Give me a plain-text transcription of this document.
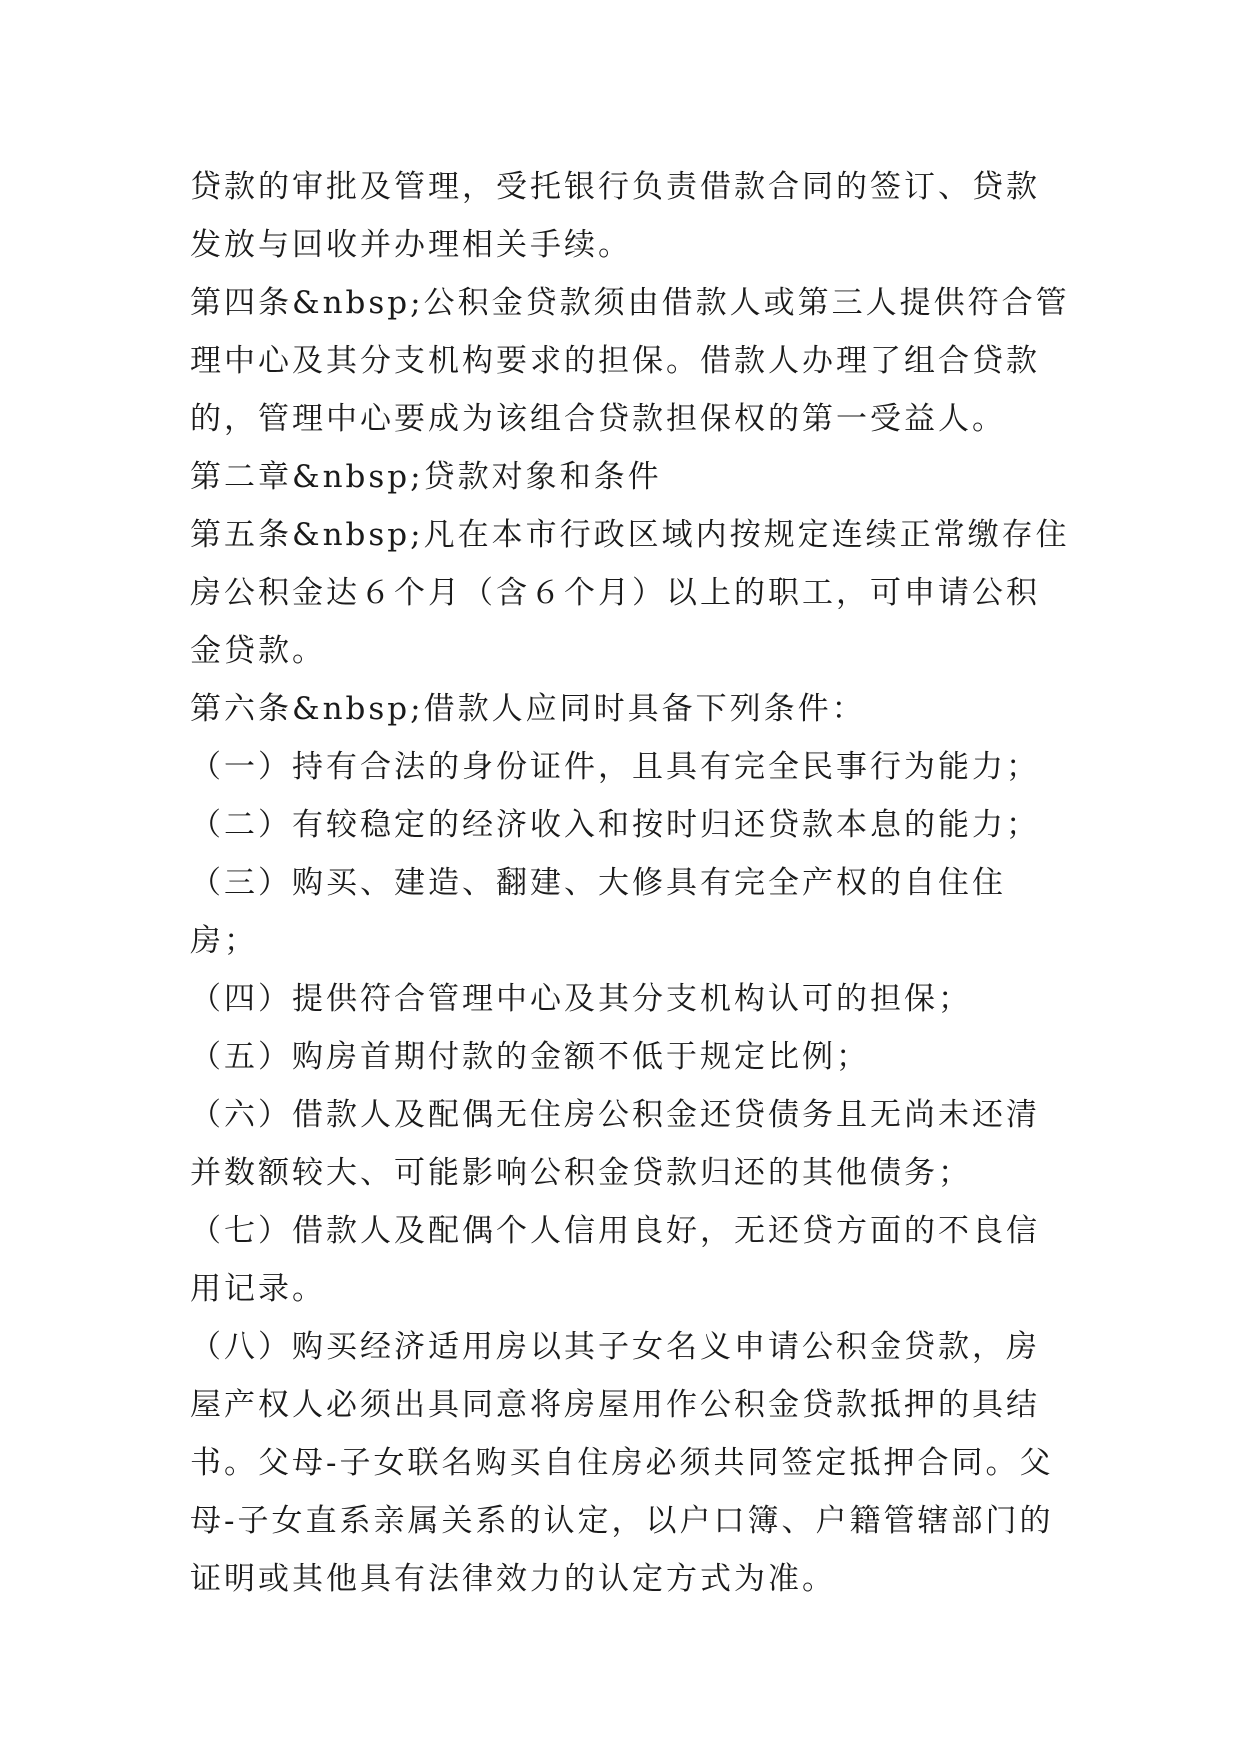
贷款的审批及管理，受托银行负责借款合同的签订、贷款发放与回收并办理相关手续。

第四条&nbsp;公积金贷款须由借款人或第三人提供符合管理中心及其分支机构要求的担保。借款人办理了组合贷款的，管理中心要成为该组合贷款担保权的第一受益人。

第二章&nbsp;贷款对象和条件

第五条&nbsp;凡在本市行政区域内按规定连续正常缴存住房公积金达６个月（含６个月）以上的职工，可申请公积金贷款。

第六条&nbsp;借款人应同时具备下列条件：

（一）持有合法的身份证件，且具有完全民事行为能力；

（二）有较稳定的经济收入和按时归还贷款本息的能力；

（三）购买、建造、翻建、大修具有完全产权的自住住房；

（四）提供符合管理中心及其分支机构认可的担保；

（五）购房首期付款的金额不低于规定比例；

（六）借款人及配偶无住房公积金还贷债务且无尚未还清并数额较大、可能影响公积金贷款归还的其他债务；

（七）借款人及配偶个人信用良好，无还贷方面的不良信用记录。

（八）购买经济适用房以其子女名义申请公积金贷款，房屋产权人必须出具同意将房屋用作公积金贷款抵押的具结书。父母-子女联名购买自住房必须共同签定抵押合同。父母-子女直系亲属关系的认定，以户口簿、户籍管辖部门的证明或其他具有法律效力的认定方式为准。
